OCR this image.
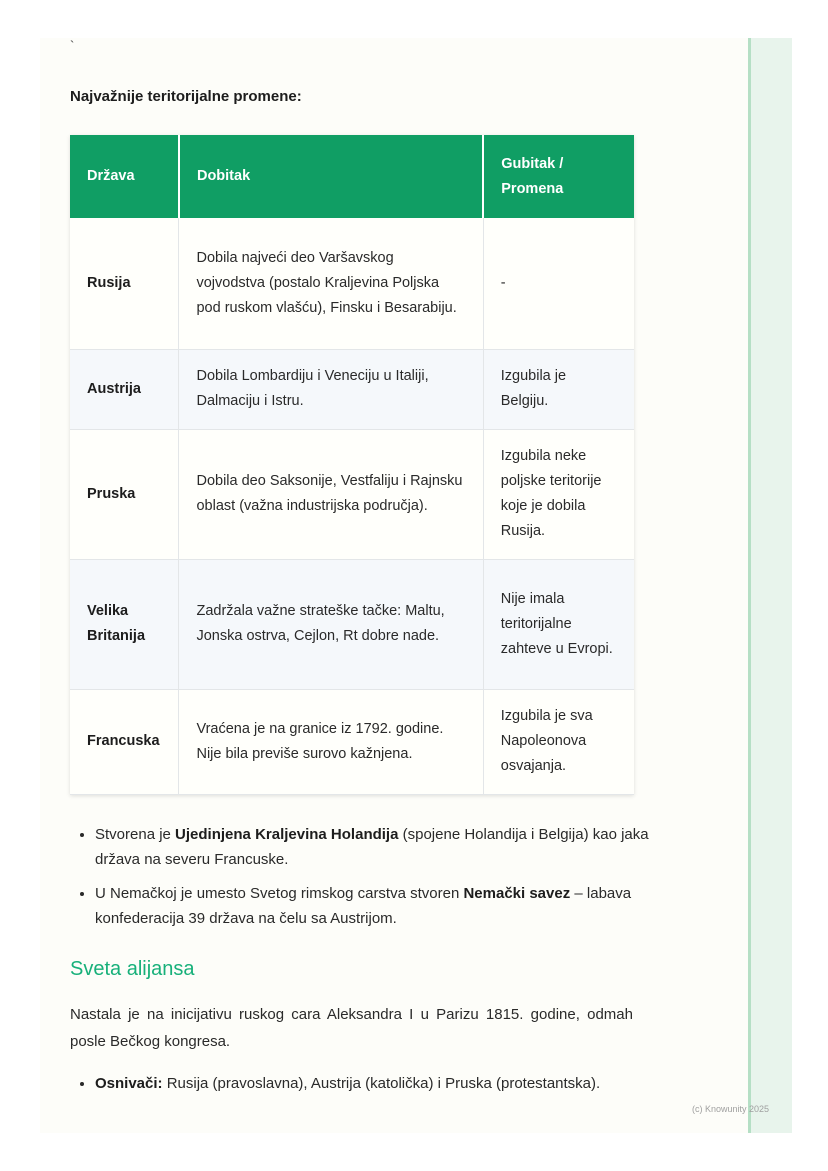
`
Najvažnije teritorijalne promene:
Država	Dobitak	Gubitak / Promena
Rusija	Dobila najveći deo Varšavskog vojvodstva (postalo Kraljevina Poljska pod ruskom vlašću), Finsku i Besarabiju.	-
Austrija	Dobila Lombardiju i Veneciju u Italiji, Dalmaciju i Istru.	Izgubila je Belgiju.
Pruska	Dobila deo Saksonije, Vestfaliju i Rajnsku oblast (važna industrijska područja).	Izgubila neke poljske teritorije koje je dobila Rusija.
Velika Britanija	Zadržala važne strateške tačke: Maltu, Jonska ostrva, Cejlon, Rt dobre nade.	Nije imala teritorijalne zahteve u Evropi.
Francuska	Vraćena je na granice iz 1792. godine. Nije bila previše surovo kažnjena.	Izgubila je sva Napoleonova osvajanja.
• Stvorena je Ujedinjena Kraljevina Holandija (spojene Holandija i Belgija) kao jaka država na severu Francuske.
• U Nemačkoj je umesto Svetog rimskog carstva stvoren Nemački savez – labava konfederacija 39 država na čelu sa Austrijom.
Sveta alijansa
Nastala je na inicijativu ruskog cara Aleksandra I u Parizu 1815. godine, odmah posle Bečkog kongresa.
• Osnivači: Rusija (pravoslavna), Austrija (katolička) i Pruska (protestantska).
(c) Knowunity 2025
